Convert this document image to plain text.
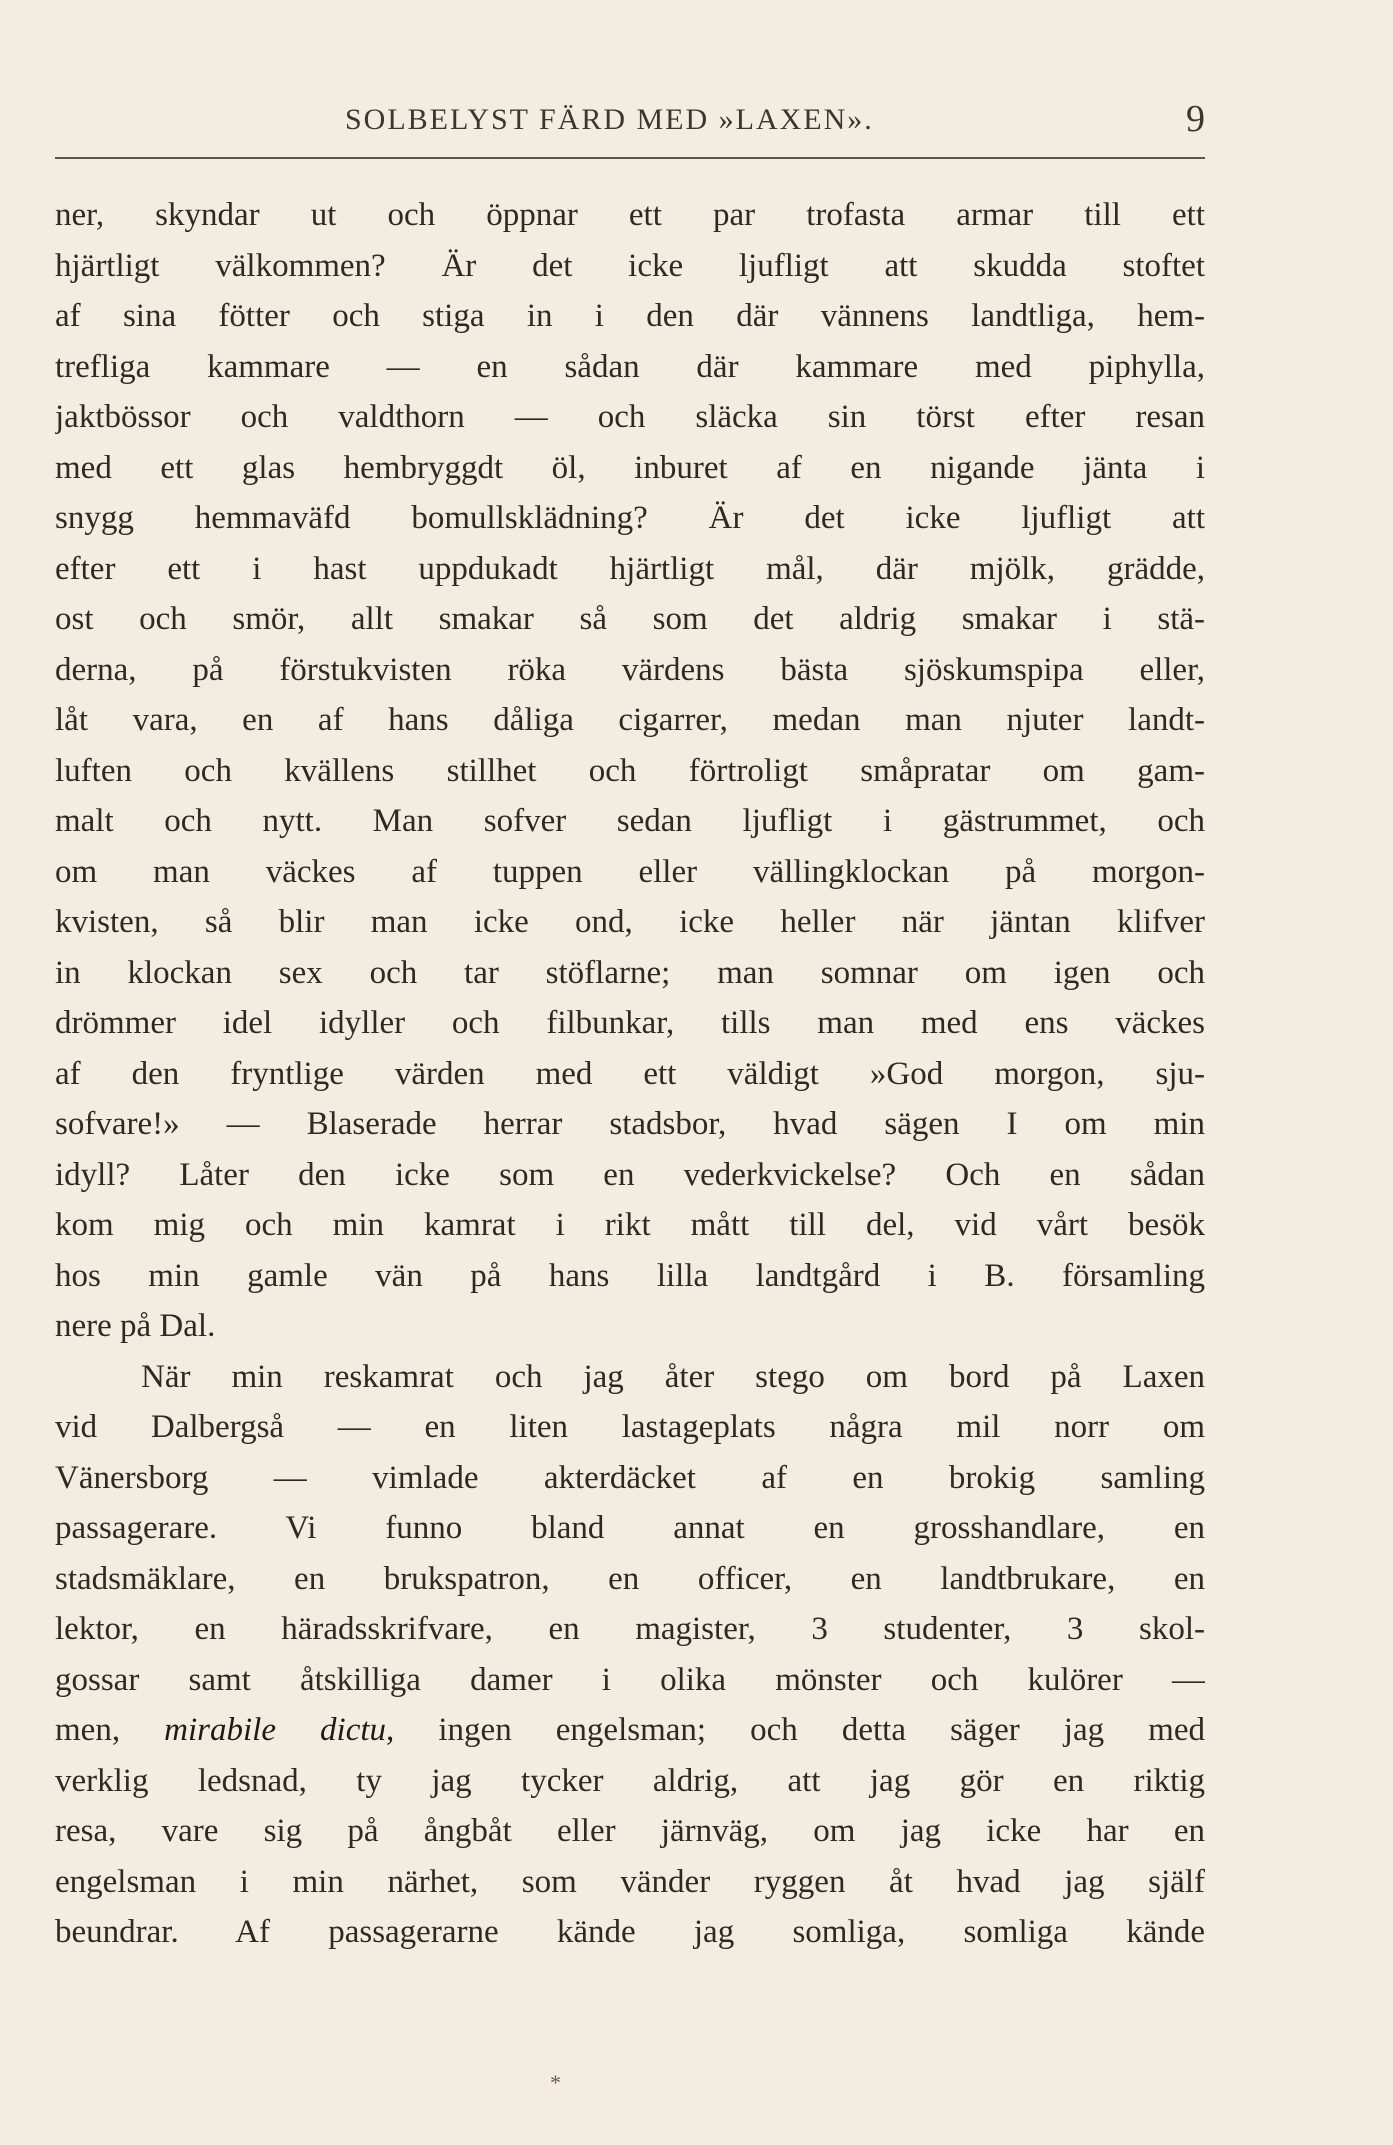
SOLBELYST FÄRD MED »LAXEN».	9
ner, skyndar ut och öppnar ett par trofasta armar till ett
hjärtligt välkommen? Är det icke ljufligt att skudda stoftet
af sina fötter och stiga in i den där vännens landtliga, hem-
trefliga kammare — en sådan där kammare med piphylla,
jaktbössor och valdthorn — och släcka sin törst efter resan
med ett glas hembryggdt öl, inburet af en nigande jänta i
snygg hemmaväfd bomullsklädning? Är det icke ljufligt att
efter ett i hast uppdukadt hjärtligt mål, där mjölk, grädde,
ost och smör, allt smakar så som det aldrig smakar i stä-
derna, på förstukvisten röka värdens bästa sjöskumspipa eller,
låt vara, en af hans dåliga cigarrer, medan man njuter landt-
luften och kvällens stillhet och förtroligt småpratar om gam-
malt och nytt. Man sofver sedan ljufligt i gästrummet, och
om man väckes af tuppen eller vällingklockan på morgon-
kvisten, så blir man icke ond, icke heller när jäntan klifver
in klockan sex och tar stöflarne; man somnar om igen och
drömmer idel idyller och filbunkar, tills man med ens väckes
af den fryntlige värden med ett väldigt »God morgon, sju-
sofvare!» — Blaserade herrar stadsbor, hvad sägen I om min
idyll? Låter den icke som en vederkvickelse? Och en sådan
kom mig och min kamrat i rikt mått till del, vid vårt besök
hos min gamle vän på hans lilla landtgård i B. församling
nere på Dal.
När min reskamrat och jag åter stego om bord på Laxen
vid Dalbergså — en liten lastageplats några mil norr om
Vänersborg — vimlade akterdäcket af en brokig samling
passagerare. Vi funno bland annat en grosshandlare, en
stadsmäklare, en brukspatron, en officer, en landtbrukare, en
lektor, en häradsskrifvare, en magister, 3 studenter, 3 skol-
gossar samt åtskilliga damer i olika mönster och kulörer —
men, mirabile dictu, ingen engelsman; och detta säger jag med
verklig ledsnad, ty jag tycker aldrig, att jag gör en riktig
resa, vare sig på ångbåt eller järnväg, om jag icke har en
engelsman i min närhet, som vänder ryggen åt hvad jag själf
beundrar. Af passagerarne kände jag somliga, somliga kände
*
